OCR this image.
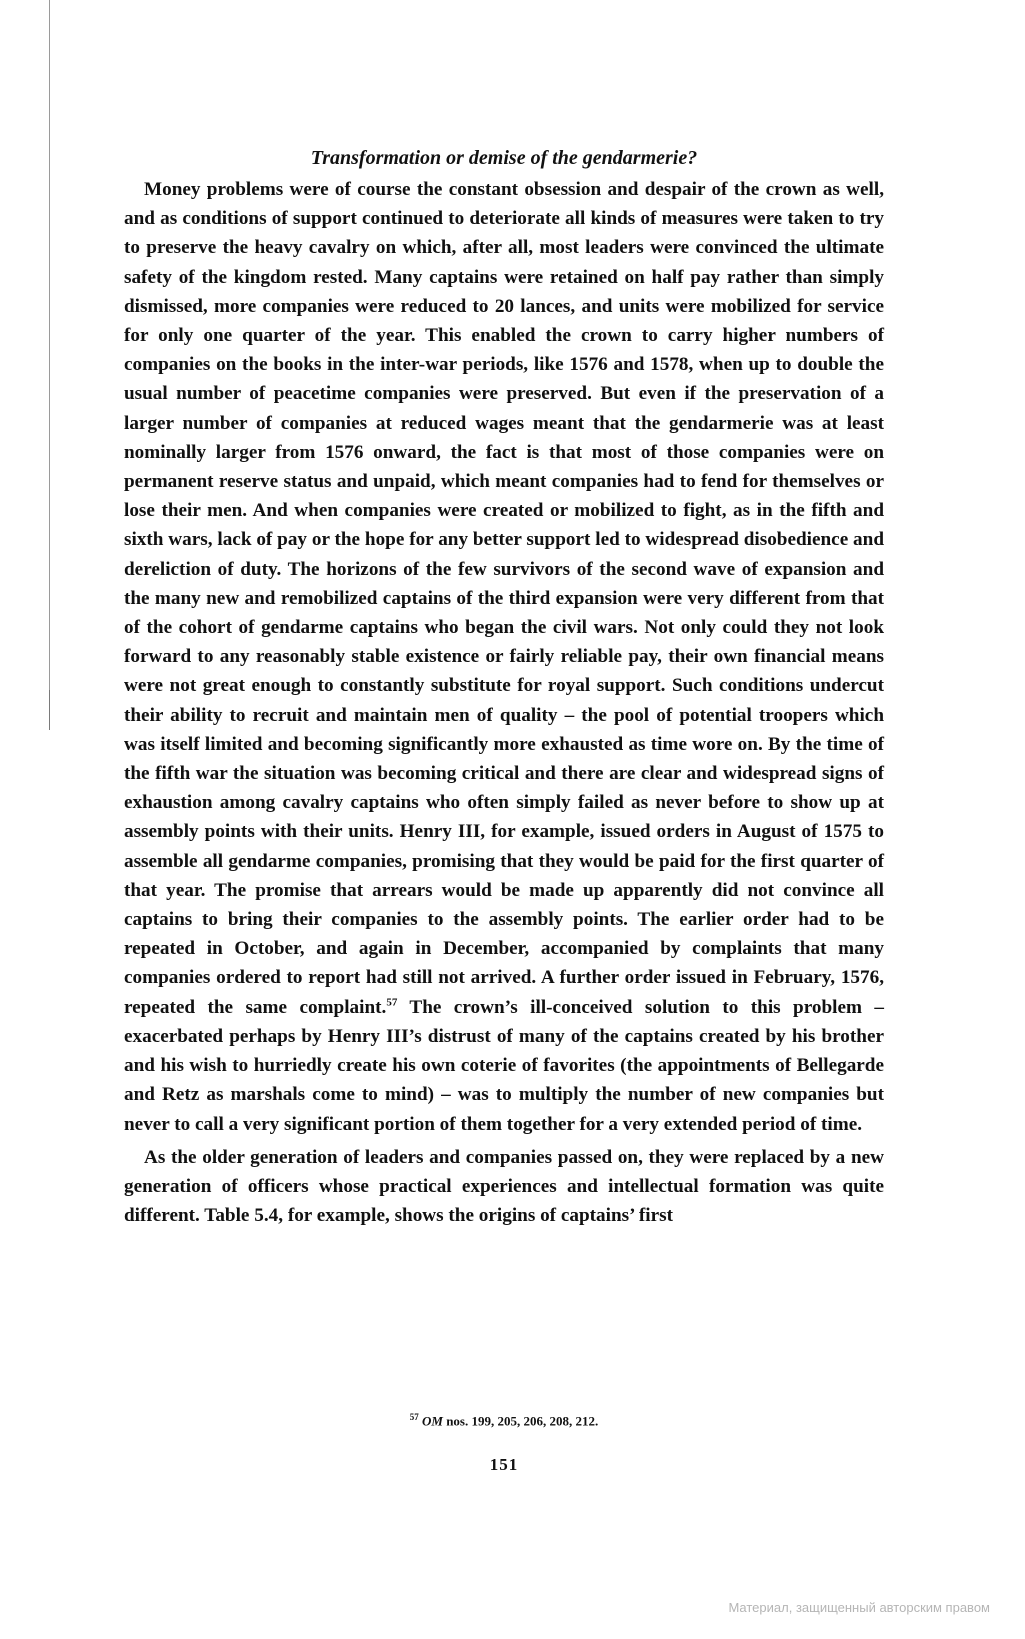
Transformation or demise of the gendarmerie?

Money problems were of course the constant obsession and despair of the crown as well, and as conditions of support continued to deteriorate all kinds of measures were taken to try to preserve the heavy cavalry on which, after all, most leaders were convinced the ultimate safety of the kingdom rested. Many captains were retained on half pay rather than simply dismissed, more companies were reduced to 20 lances, and units were mobilized for service for only one quarter of the year. This enabled the crown to carry higher numbers of companies on the books in the inter-war periods, like 1576 and 1578, when up to double the usual number of peacetime companies were preserved. But even if the preservation of a larger number of companies at reduced wages meant that the gendarmerie was at least nominally larger from 1576 onward, the fact is that most of those companies were on permanent reserve status and unpaid, which meant companies had to fend for themselves or lose their men. And when companies were created or mobilized to fight, as in the fifth and sixth wars, lack of pay or the hope for any better support led to widespread disobedience and dereliction of duty. The horizons of the few survivors of the second wave of expansion and the many new and remobilized captains of the third expansion were very different from that of the cohort of gendarme captains who began the civil wars. Not only could they not look forward to any reasonably stable existence or fairly reliable pay, their own financial means were not great enough to constantly substitute for royal support. Such conditions undercut their ability to recruit and maintain men of quality – the pool of potential troopers which was itself limited and becoming significantly more exhausted as time wore on. By the time of the fifth war the situation was becoming critical and there are clear and widespread signs of exhaustion among cavalry captains who often simply failed as never before to show up at assembly points with their units. Henry III, for example, issued orders in August of 1575 to assemble all gendarme companies, promising that they would be paid for the first quarter of that year. The promise that arrears would be made up apparently did not convince all captains to bring their companies to the assembly points. The earlier order had to be repeated in October, and again in December, accompanied by complaints that many companies ordered to report had still not arrived. A further order issued in February, 1576, repeated the same complaint.$^{57}$ The crown’s ill-conceived solution to this problem – exacerbated perhaps by Henry III’s distrust of many of the captains created by his brother and his wish to hurriedly create his own coterie of favorites (the appointments of Bellegarde and Retz as marshals come to mind) – was to multiply the number of new companies but never to call a very significant portion of them together for a very extended period of time.

As the older generation of leaders and companies passed on, they were replaced by a new generation of officers whose practical experiences and intellectual formation was quite different. Table 5.4, for example, shows the origins of captains’ first

$^{57}$ OM nos. 199, 205, 206, 208, 212.
151
Материал, защищенный авторским правом
